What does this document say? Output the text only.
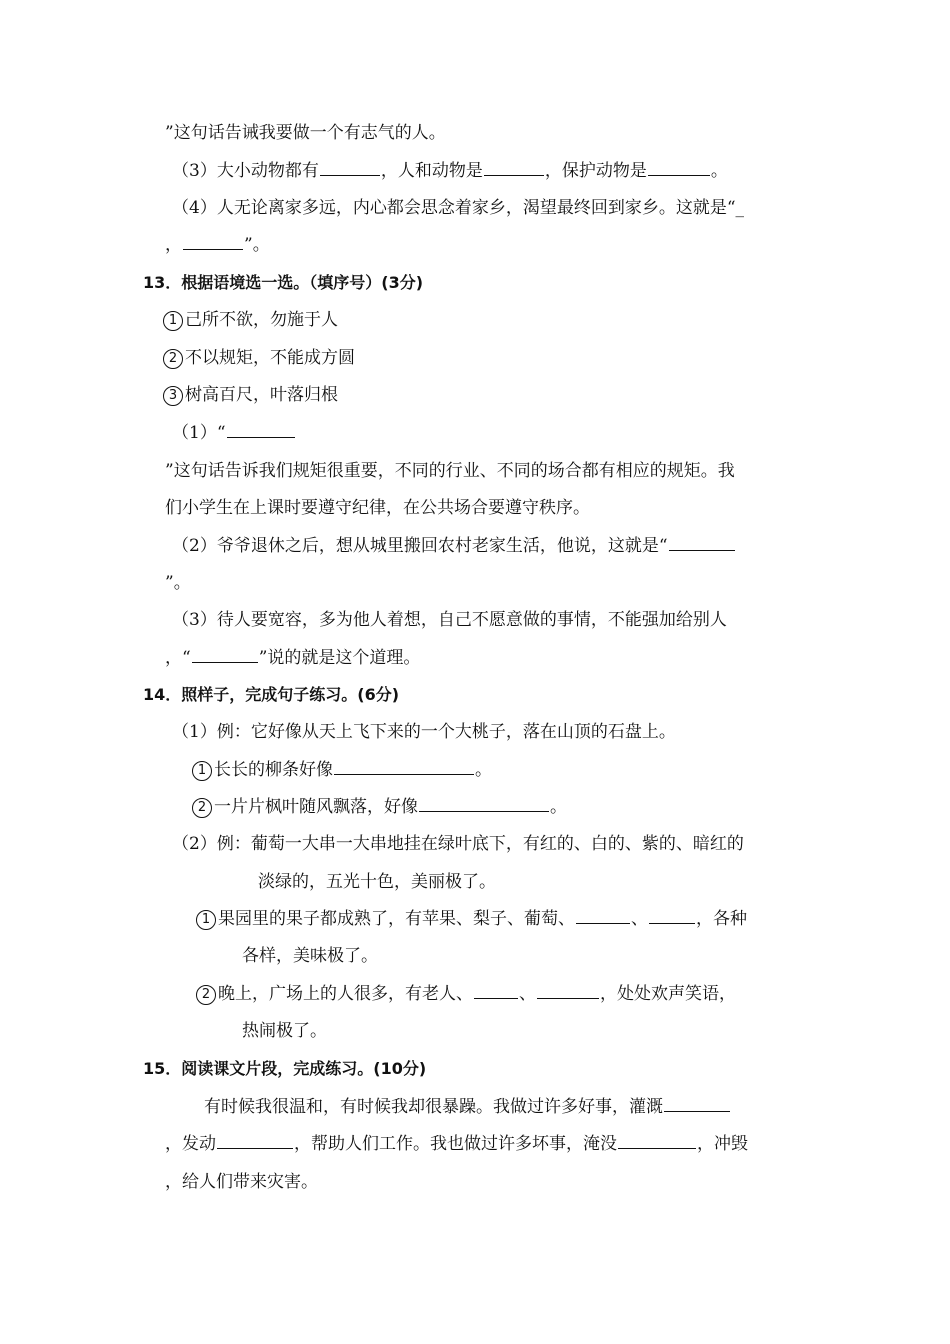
”这句话告诫我要做一个有志气的人。
（3）大小动物都有	，人和动物是	，保护动物是	。
（4）人无论离家多远，内心都会思念着家乡，渴望最终回到家乡。这就是“_
，	”。
13．根据语境选一选。（填序号）(3分)
1 己所不欲，勿施于人
2 不以规矩，不能成方圆
3 树高百尺，叶落归根
（1）“
”这句话告诉我们规矩很重要，不同的行业、不同的场合都有相应的规矩。我
们小学生在上课时要遵守纪律，在公共场合要遵守秩序。
（2）爷爷退休之后，想从城里搬回农村老家生活，他说，这就是“
”。
（3）待人要宽容，多为他人着想，自己不愿意做的事情，不能强加给别人
，“	”说的就是这个道理。
14．照样子，完成句子练习。(6分)
（1）例：它好像从天上飞下来的一个大桃子，落在山顶的石盘上。
1 长长的柳条好像	。
2 一片片枫叶随风飘落，好像	。
（2）例：葡萄一大串一大串地挂在绿叶底下，有红的、白的、紫的、暗红的
淡绿的，五光十色，美丽极了。
1 果园里的果子都成熟了，有苹果、梨子、葡萄、	、	，各种
各样，美味极了。
2 晚上，广场上的人很多，有老人、	、	，处处欢声笑语，
热闹极了。
15．阅读课文片段，完成练习。(10分)
有时候我很温和，有时候我却很暴躁。我做过许多好事，灌溉
，发动	，帮助人们工作。我也做过许多坏事，淹没	，冲毁
，给人们带来灾害。
